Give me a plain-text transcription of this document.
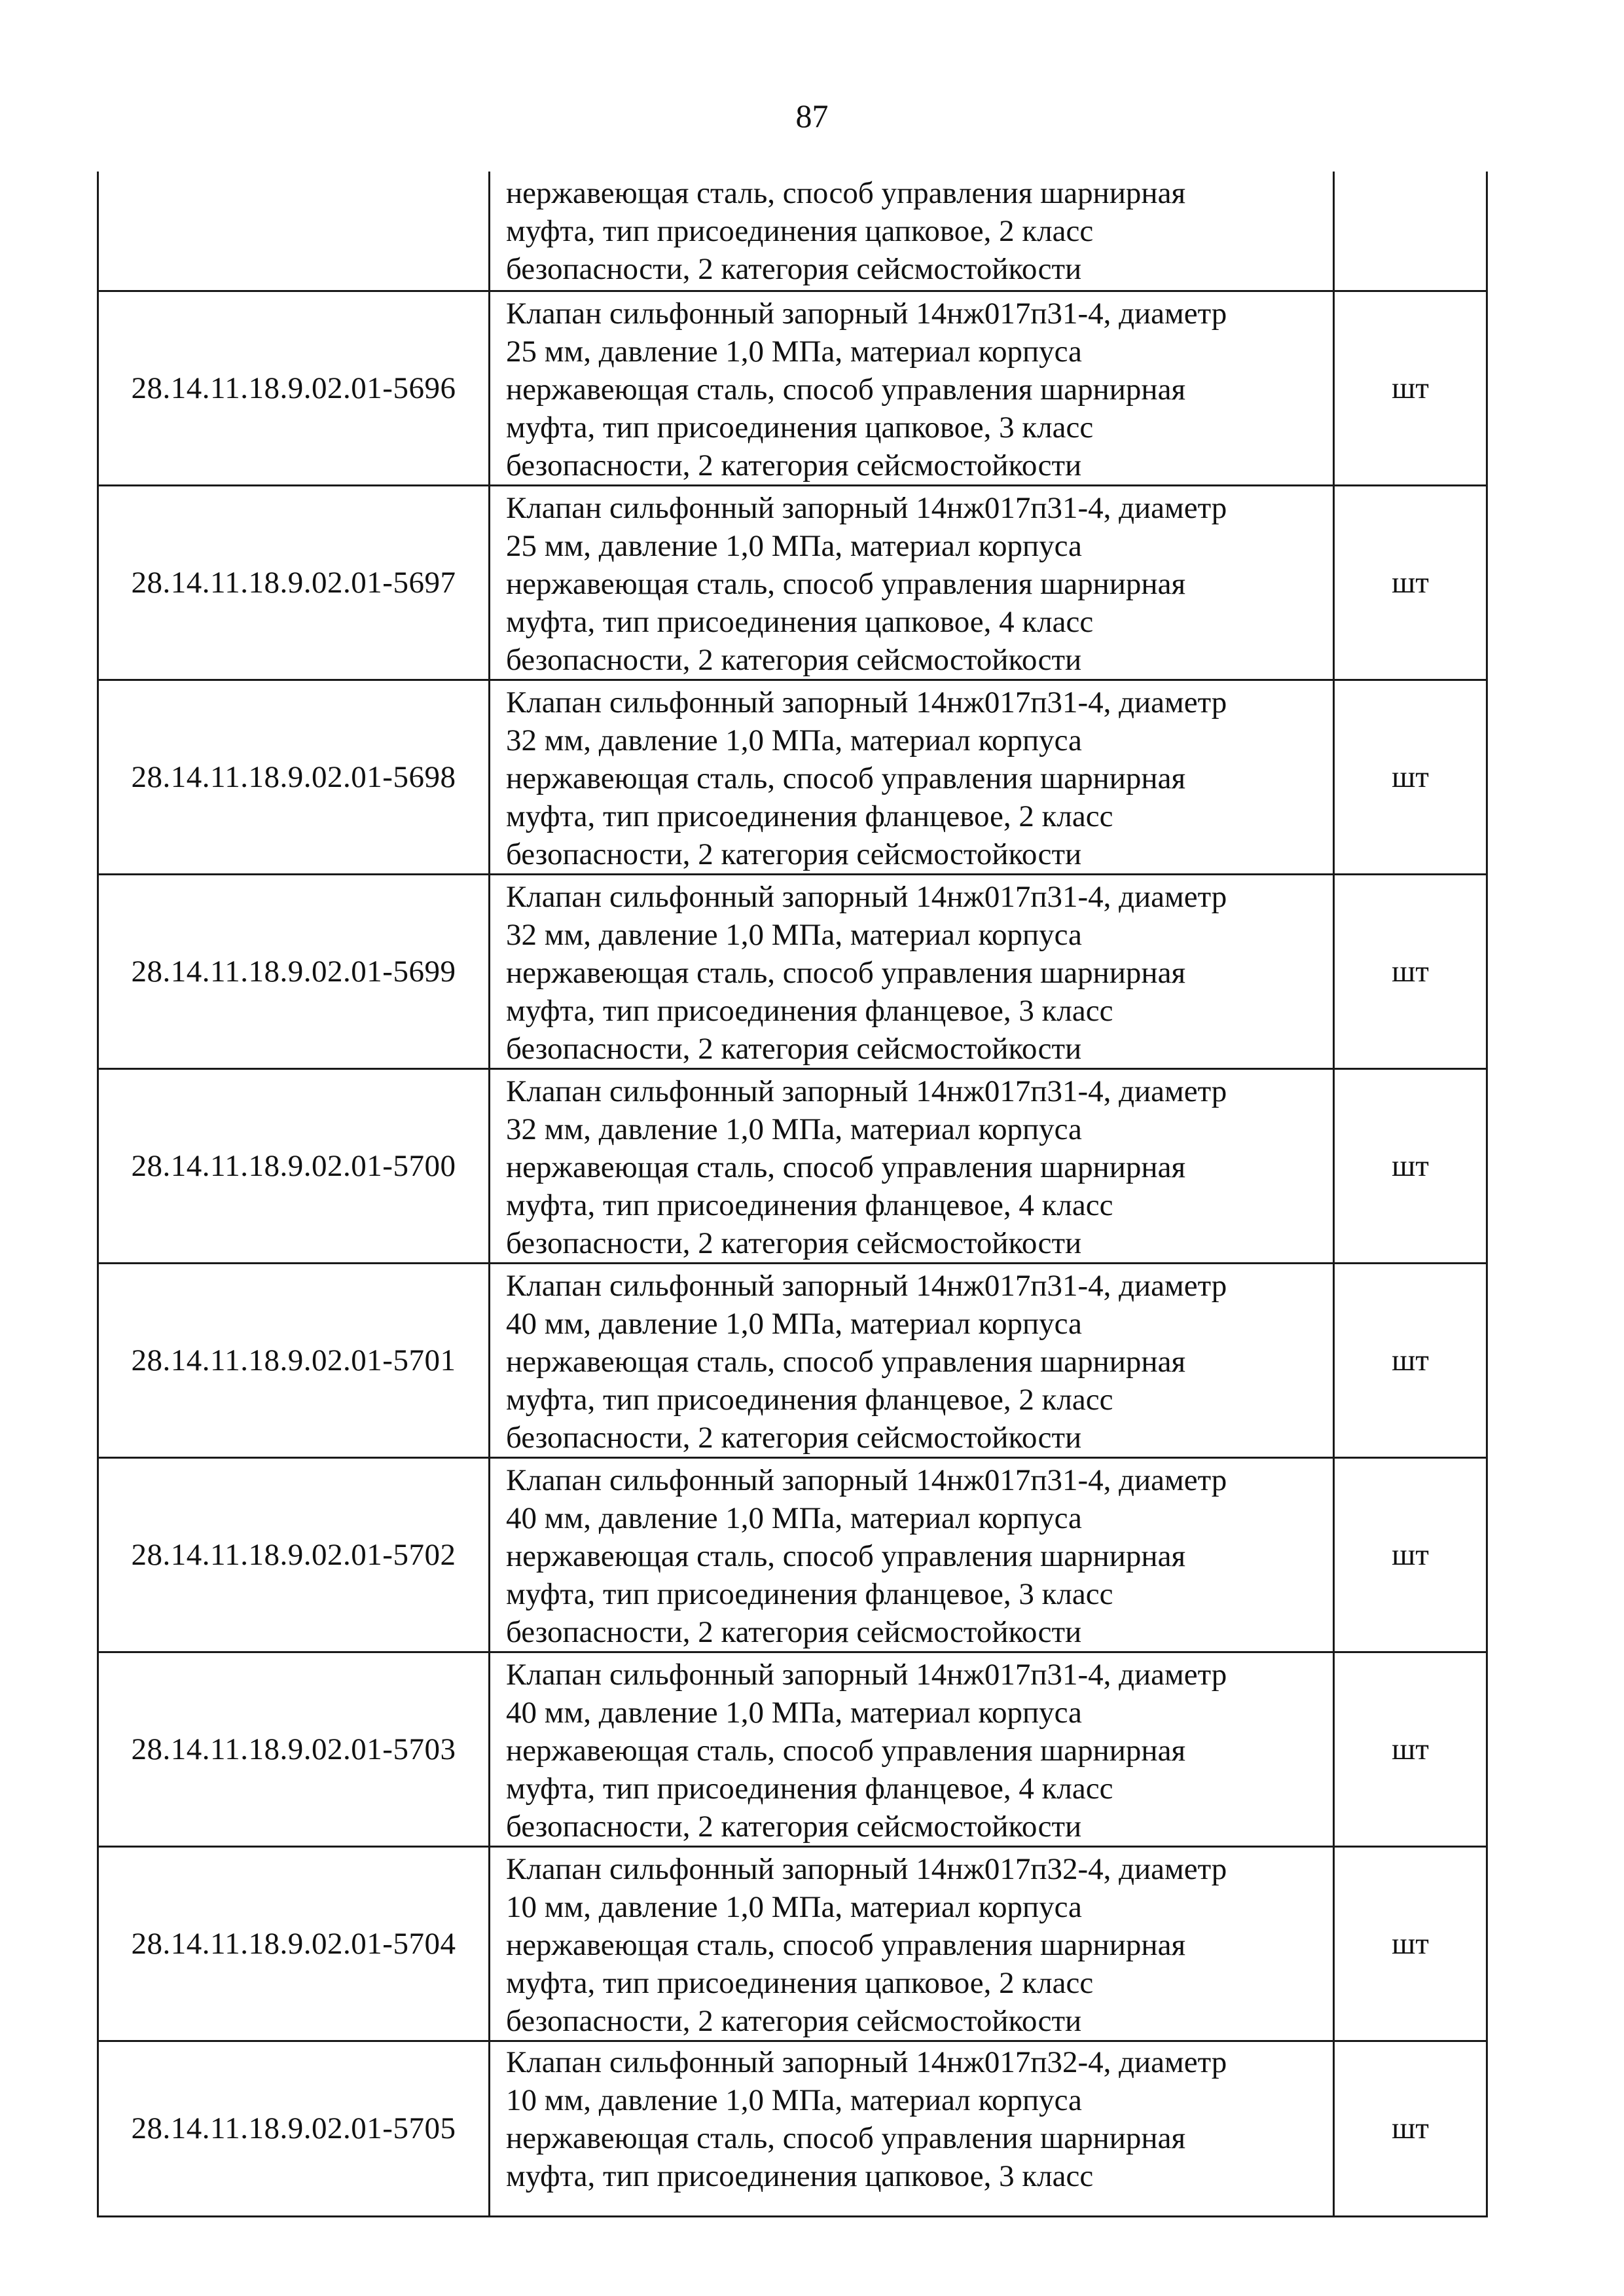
87

	нержавеющая сталь, способ управления шарнирная
муфта, тип присоединения цапковое, 2 класс
безопасности, 2 категория сейсмостойкости	

28.14.11.18.9.02.01-5696	Клапан сильфонный запорный 14нж017п31-4, диаметр
25 мм, давление 1,0 МПа, материал корпуса
нержавеющая сталь, способ управления шарнирная
муфта, тип присоединения цапковое, 3 класс
безопасности, 2 категория сейсмостойкости	шт
28.14.11.18.9.02.01-5697	Клапан сильфонный запорный 14нж017п31-4, диаметр
25 мм, давление 1,0 МПа, материал корпуса
нержавеющая сталь, способ управления шарнирная
муфта, тип присоединения цапковое, 4 класс
безопасности, 2 категория сейсмостойкости	шт
28.14.11.18.9.02.01-5698	Клапан сильфонный запорный 14нж017п31-4, диаметр
32 мм, давление 1,0 МПа, материал корпуса
нержавеющая сталь, способ управления шарнирная
муфта, тип присоединения фланцевое, 2 класс
безопасности, 2 категория сейсмостойкости	шт
28.14.11.18.9.02.01-5699	Клапан сильфонный запорный 14нж017п31-4, диаметр
32 мм, давление 1,0 МПа, материал корпуса
нержавеющая сталь, способ управления шарнирная
муфта, тип присоединения фланцевое, 3 класс
безопасности, 2 категория сейсмостойкости	шт
28.14.11.18.9.02.01-5700	Клапан сильфонный запорный 14нж017п31-4, диаметр
32 мм, давление 1,0 МПа, материал корпуса
нержавеющая сталь, способ управления шарнирная
муфта, тип присоединения фланцевое, 4 класс
безопасности, 2 категория сейсмостойкости	шт
28.14.11.18.9.02.01-5701	Клапан сильфонный запорный 14нж017п31-4, диаметр
40 мм, давление 1,0 МПа, материал корпуса
нержавеющая сталь, способ управления шарнирная
муфта, тип присоединения фланцевое, 2 класс
безопасности, 2 категория сейсмостойкости	шт
28.14.11.18.9.02.01-5702	Клапан сильфонный запорный 14нж017п31-4, диаметр
40 мм, давление 1,0 МПа, материал корпуса
нержавеющая сталь, способ управления шарнирная
муфта, тип присоединения фланцевое, 3 класс
безопасности, 2 категория сейсмостойкости	шт
28.14.11.18.9.02.01-5703	Клапан сильфонный запорный 14нж017п31-4, диаметр
40 мм, давление 1,0 МПа, материал корпуса
нержавеющая сталь, способ управления шарнирная
муфта, тип присоединения фланцевое, 4 класс
безопасности, 2 категория сейсмостойкости	шт
28.14.11.18.9.02.01-5704	Клапан сильфонный запорный 14нж017п32-4, диаметр
10 мм, давление 1,0 МПа, материал корпуса
нержавеющая сталь, способ управления шарнирная
муфта, тип присоединения цапковое, 2 класс
безопасности, 2 категория сейсмостойкости	шт
28.14.11.18.9.02.01-5705	Клапан сильфонный запорный 14нж017п32-4, диаметр
10 мм, давление 1,0 МПа, материал корпуса
нержавеющая сталь, способ управления шарнирная
муфта, тип присоединения цапковое, 3 класс	шт
